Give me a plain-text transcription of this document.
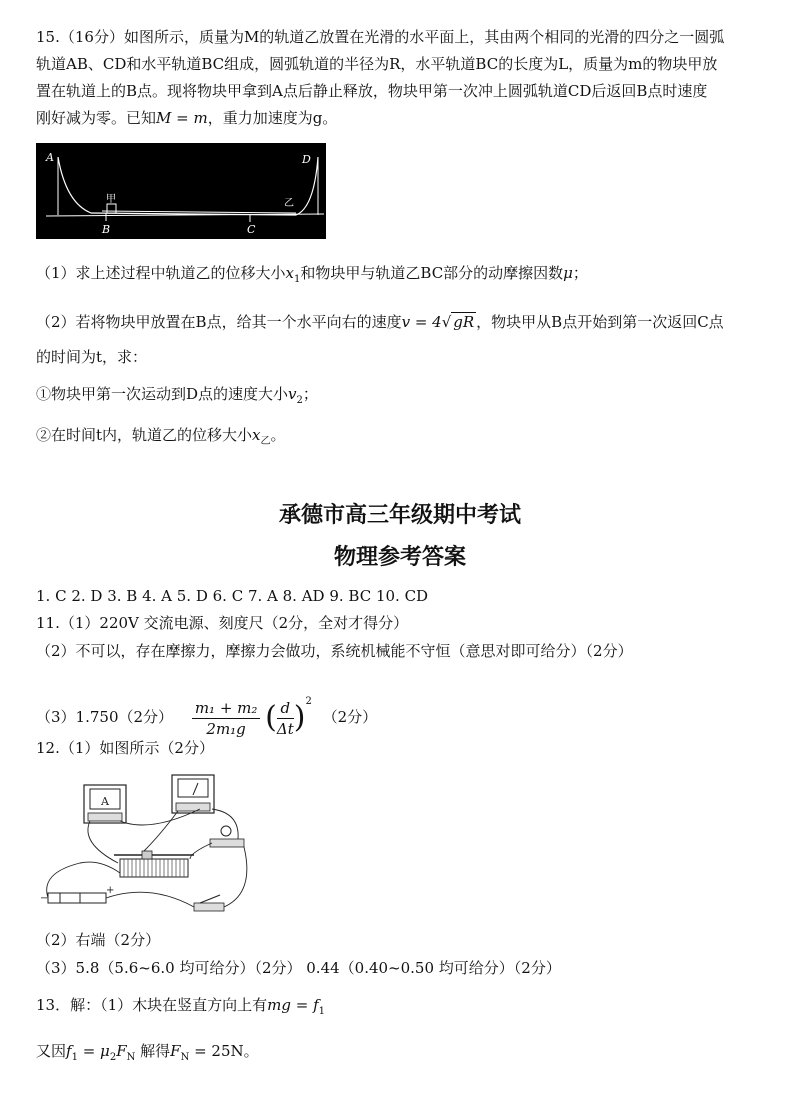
15.（16分）如图所示，质量为M的轨道乙放置在光滑的水平面上，其由两个相同的光滑的四分之一圆弧
轨道AB、CD和水平轨道BC组成，圆弧轨道的半径为R，水平轨道BC的长度为L，质量为m的物块甲放
置在轨道上的B点。现将物块甲拿到A点后静止释放，物块甲第一次冲上圆弧轨道CD后返回B点时速度
刚好减为零。已知M = m，重力加速度为g。
A
B	C
D
甲	乙
（1）求上述过程中轨道乙的位移大小$x_1$和物块甲与轨道乙BC部分的动摩擦因数μ；
（2）若将物块甲放置在B点，给其一个水平向右的速度v = 4√ gR ，物块甲从B点开始到第一次返回C点
的时间为t，求：
①物块甲第一次运动到D点的速度大小$v_2$；
②在时间t内，轨道乙的位移大小$x_乙$。
承德市高三年级期中考试
物理参考答案
1. C 2. D 3. B 4. A 5. D 6. C 7. A 8. AD 9. BC 10. CD
11.（1）220V 交流电源、刻度尺（2分，全对才得分）
（2）不可以，存在摩擦力，摩擦力会做功，系统机械能不守恒（意思对即可给分）（2分）
（3）1.750（2分） $\frac{\text{m₁ + m₂}}{\text{2m₁g}}$ ( $\frac{d}{\Delta t} )^2$ （2分）
12.（1）如图所示（2分）
A
−
+
（2）右端（2分）
（3）5.8（5.6~6.0 均可给分）（2分） 0.44（0.40~0.50 均可给分）（2分）
13．解：（1）木块在竖直方向上有mg = $f_1$
又因$f_1 = \mu_2F_N$ 解得$F_N = 25N$。
